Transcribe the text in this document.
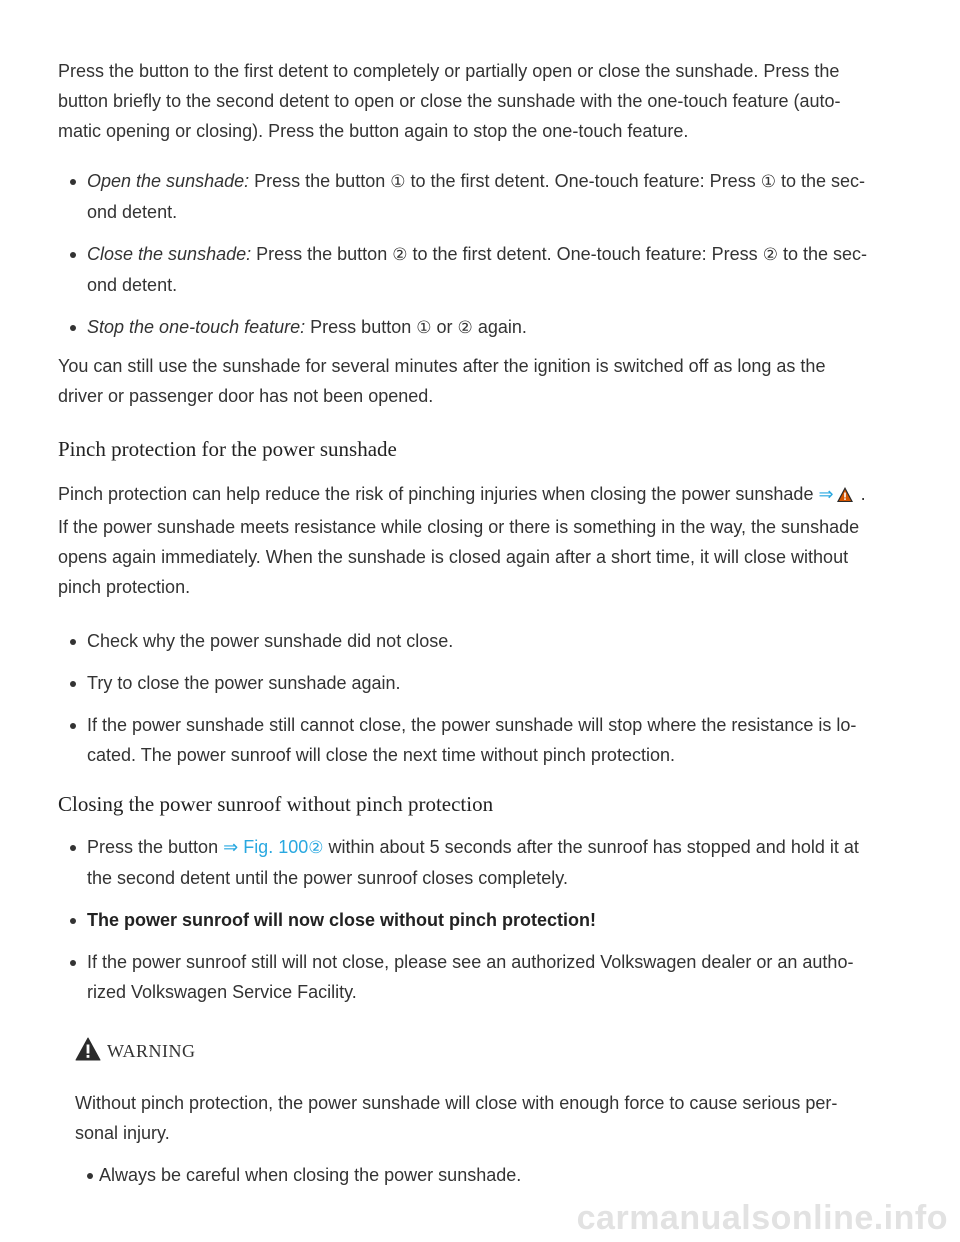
Press the button to the first detent to completely or partially open or close the sunshade. Press the
button briefly to the second detent to open or close the sunshade with the one-touch feature (auto-
matic opening or closing). Press the button again to stop the one-touch feature.

Open the sunshade: Press the button ① to the first detent. One-touch feature: Press ① to the sec-
ond detent.
Close the sunshade: Press the button ② to the first detent. One-touch feature: Press ② to the sec-
ond detent.
Stop the one-touch feature: Press button ① or ② again.

You can still use the sunshade for several minutes after the ignition is switched off as long as the
driver or passenger door has not been opened.

Pinch protection for the power sunshade

Pinch protection can help reduce the risk of pinching injuries when closing the power sunshade ⇒ .
If the power sunshade meets resistance while closing or there is something in the way, the sunshade
opens again immediately. When the sunshade is closed again after a short time, it will close without
pinch protection.

Check why the power sunshade did not close.
Try to close the power sunshade again.
If the power sunshade still cannot close, the power sunshade will stop where the resistance is lo-
cated. The power sunroof will close the next time without pinch protection.
Closing the power sunroof without pinch protection
Press the button ⇒ Fig. 100② within about 5 seconds after the sunroof has stopped and hold it at
the second detent until the power sunroof closes completely.
The power sunroof will now close without pinch protection!
If the power sunroof still will not close, please see an authorized Volkswagen dealer or an autho-
rized Volkswagen Service Facility.
WARNING

Without pinch protection, the power sunshade will close with enough force to cause serious per-
sonal injury.

Always be careful when closing the power sunshade.
carmanualsonline.info
